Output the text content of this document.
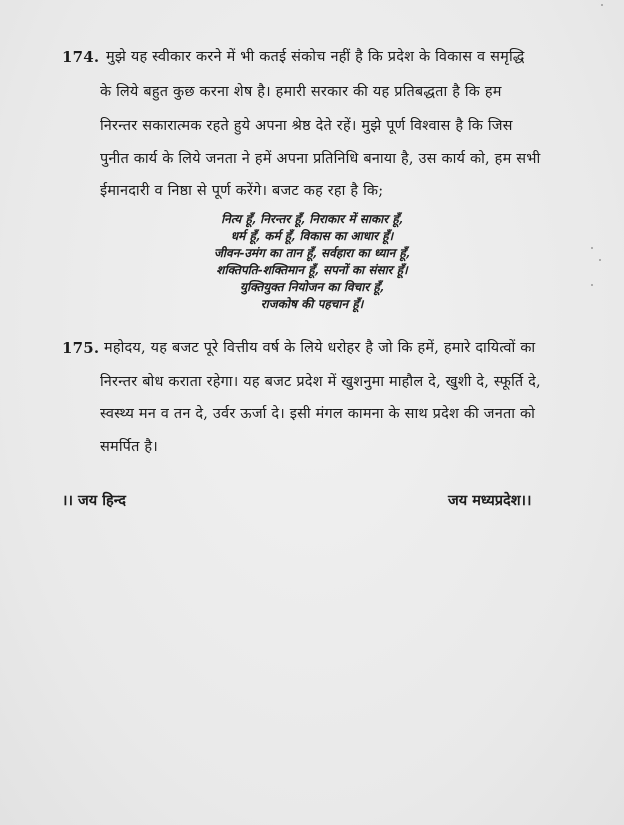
174. मुझे यह स्वीकार करने में भी कतई संकोच नहीं है कि प्रदेश के विकास व समृद्धि
के लिये बहुत कुछ करना शेष है। हमारी सरकार की यह प्रतिबद्धता है कि हम
निरन्तर सकारात्मक रहते हुये अपना श्रेष्ठ देते रहें। मुझे पूर्ण विश्वास है कि जिस
पुनीत कार्य के लिये जनता ने हमें अपना प्रतिनिधि बनाया है, उस कार्य को, हम सभी
ईमानदारी व निष्ठा से पूर्ण करेंगे। बजट कह रहा है कि;
नित्य हूँ, निरन्तर हूँ, निराकार में साकार हूँ,
धर्म हूँ, कर्म हूँ, विकास का आधार हूँ।
जीवन-उमंग का तान हूँ, सर्वहारा का ध्यान हूँ,
शक्तिपति-शक्तिमान हूँ, सपनों का संसार हूँ।
युक्तियुक्त नियोजन का विचार हूँ,
राजकोष की पहचान हूँ।
175. महोदय, यह बजट पूरे वित्तीय वर्ष के लिये धरोहर है जो कि हमें, हमारे दायित्वों का
निरन्तर बोध कराता रहेगा। यह बजट प्रदेश में खुशनुमा माहौल दे, खुशी दे, स्फूर्ति दे,
स्वस्थ्य मन व तन दे, उर्वर ऊर्जा दे। इसी मंगल कामना के साथ प्रदेश की जनता को
समर्पित है।
।। जय हिन्द	जय मध्यप्रदेश।।
